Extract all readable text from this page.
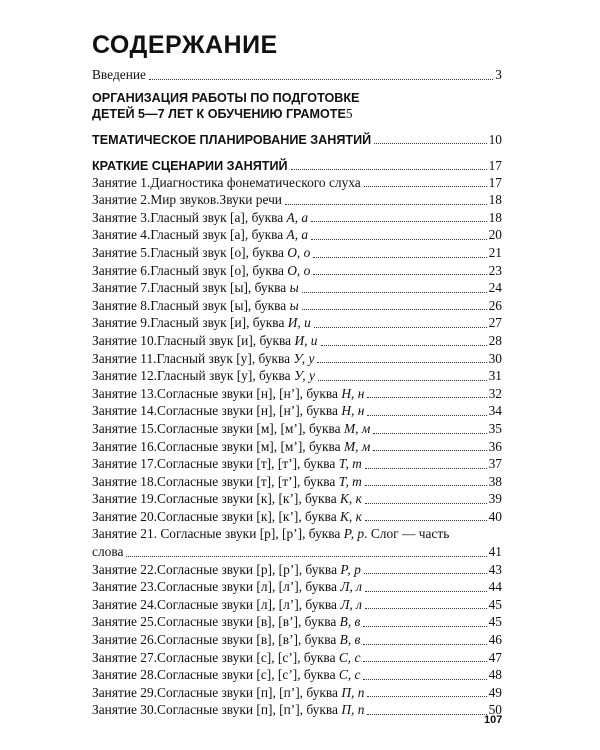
СОДЕРЖАНИЕ
Введение	3
ОРГАНИЗАЦИЯ РАБОТЫ ПО ПОДГОТОВКЕ
ДЕТЕЙ 5—7 ЛЕТ К ОБУЧЕНИЮ ГРАМОТЕ 5
ТЕМАТИЧЕСКОЕ ПЛАНИРОВАНИЕ ЗАНЯТИЙ	10
КРАТКИЕ СЦЕНАРИИ ЗАНЯТИЙ	17
Занятие 1.Диагностика фонематического слуха	17
Занятие 2.Мир звуков.Звуки речи	18
Занятие 3.Гласный звук [а], буква А, а	18
Занятие 4.Гласный звук [а], буква А, а	20
Занятие 5.Гласный звук [о], буква О, о	21
Занятие 6.Гласный звук [о], буква О, о	23
Занятие 7.Гласный звук [ы], буква ы	24
Занятие 8.Гласный звук [ы], буква ы	26
Занятие 9.Гласный звук [и], буква И, и	27
Занятие 10.Гласный звук [и], буква И, и	28
Занятие 11.Гласный звук [у], буква У, у	30
Занятие 12.Гласный звук [у], буква У, у	31
Занятие 13.Согласные звуки [н], [н’], буква Н, н	32
Занятие 14.Согласные звуки [н], [н’], буква Н, н	34
Занятие 15.Согласные звуки [м], [м’], буква М, м	35
Занятие 16.Согласные звуки [м], [м’], буква М, м	36
Занятие 17.Согласные звуки [т], [т’], буква Т, т	37
Занятие 18.Согласные звуки [т], [т’], буква Т, т	38
Занятие 19.Согласные звуки [к], [к’], буква К, к	39
Занятие 20.Согласные звуки [к], [к’], буква К, к	40
Занятие 21. Согласные звуки [р], [р’], буква Р, р. Слог — часть
слова	41
Занятие 22.Согласные звуки [р], [р’], буква Р, р	43
Занятие 23.Согласные звуки [л], [л’], буква Л, л	44
Занятие 24.Согласные звуки [л], [л’], буква Л, л	45
Занятие 25.Согласные звуки [в], [в’], буква В, в	45
Занятие 26.Согласные звуки [в], [в’], буква В, в	46
Занятие 27.Согласные звуки [с], [с’], буква С, с	47
Занятие 28.Согласные звуки [с], [с’], буква С, с	48
Занятие 29.Согласные звуки [п], [п’], буква П, п	49
Занятие 30.Согласные звуки [п], [п’], буква П, п	50
107
